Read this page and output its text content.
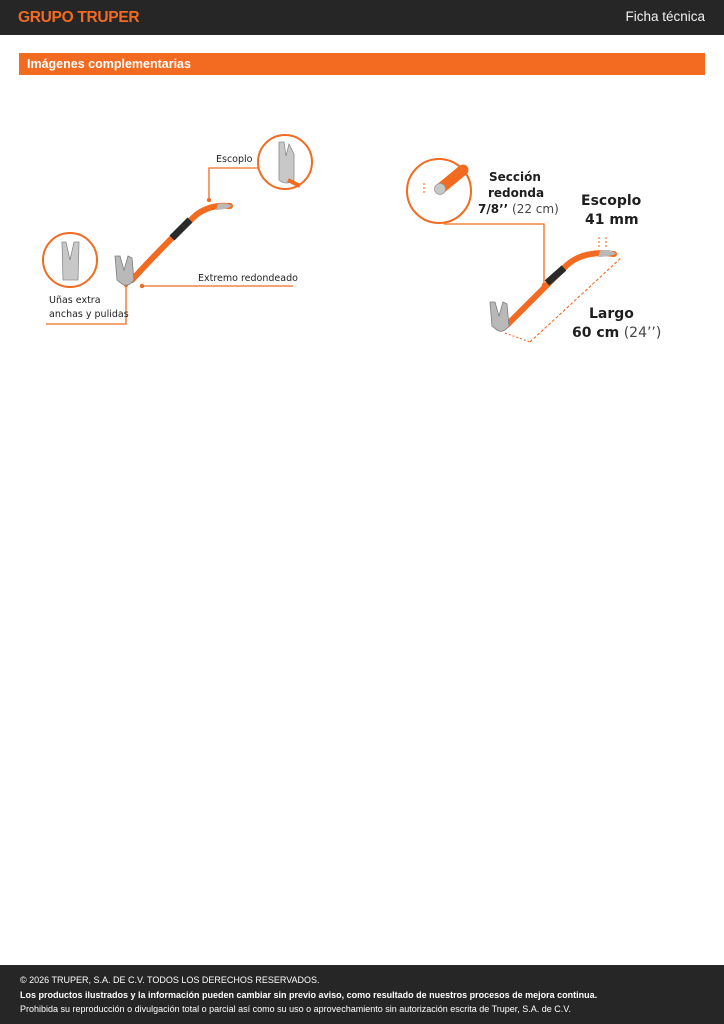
GRUPO TRUPER	Ficha técnica
Imágenes complementarias
Escoplo
Extremo redondeado
Uñas extra
anchas y pulidas
Sección
redonda
7/8’’ (22 cm) Escoplo
41 mm
Largo
60 cm (24’’)
© 2026 TRUPER, S.A. DE C.V. TODOS LOS DERECHOS RESERVADOS.
Los productos ilustrados y la información pueden cambiar sin previo aviso, como resultado de nuestros procesos de mejora continua.
Prohibida su reproducción o divulgación total o parcial así como su uso o aprovechamiento sin autorización escrita de Truper, S.A. de C.V.
